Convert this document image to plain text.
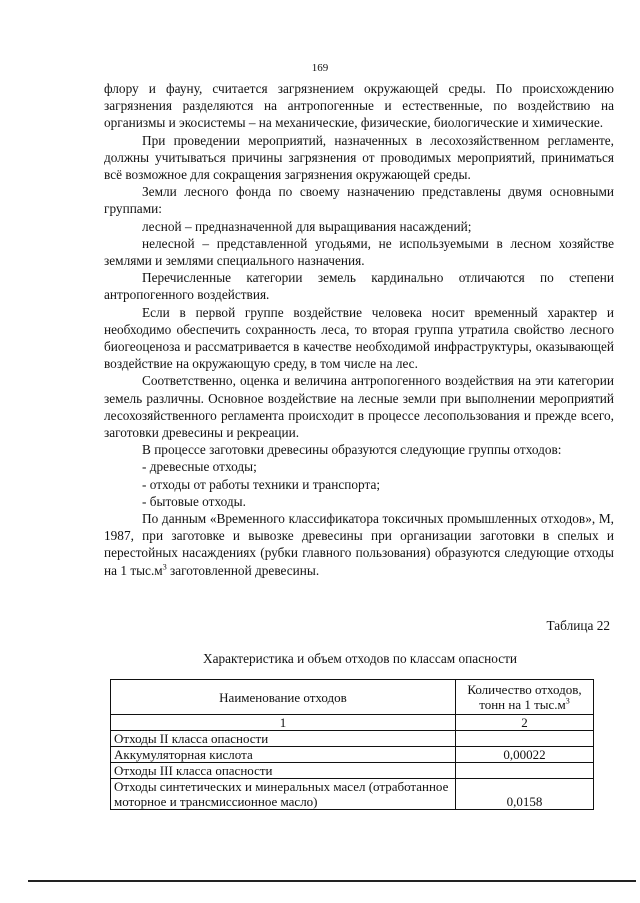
169

флору и фауну, считается загрязнением окружающей среды. По происхождению загрязнения разделяются на антропогенные и естественные, по воздействию на организмы и экосистемы – на механические, физические, биологические и химические.

При проведении мероприятий, назначенных в лесохозяйственном регламенте, должны учитываться причины загрязнения от проводимых мероприятий, приниматься всё возможное для сокращения загрязнения окружающей среды.

Земли лесного фонда по своему назначению представлены двумя основными группами:

лесной – предназначенной для выращивания насаждений;

нелесной – представленной угодьями, не используемыми в лесном хозяйстве землями и землями специального назначения.

Перечисленные категории земель кардинально отличаются по степени антропогенного воздействия.

Если в первой группе воздействие человека носит временный характер и необходимо обеспечить сохранность леса, то вторая группа утратила свойство лесного биогеоценоза и рассматривается в качестве необходимой инфраструктуры, оказывающей воздействие на окружающую среду, в том числе на лес.

Соответственно, оценка и величина антропогенного воздействия на эти категории земель различны. Основное воздействие на лесные земли при выполнении мероприятий лесохозяйственного регламента происходит в процессе лесопользования и прежде всего, заготовки древесины и рекреации.

В процессе заготовки древесины образуются следующие группы отходов:

- древесные отходы;

- отходы от работы техники и транспорта;

- бытовые отходы.

По данным «Временного классификатора токсичных промышленных отходов», М, 1987, при заготовке и вывозке древесины при организации заготовки в спелых и перестойных насаждениях (рубки главного пользования) образуются следующие отходы на 1 $тыс.м^3$ заготовленной древесины.

Таблица 22
Характеристика и объем отходов по классам опасности
Наименование отходов	Количество отходов, тонн на 1 $тыс.м^3$
1	2
Отходы II класса опасности	
Аккумуляторная кислота	0,00022
Отходы III класса опасности	
Отходы синтетических и минеральных масел (отработанное моторное и трансмиссионное масло)	0,0158
